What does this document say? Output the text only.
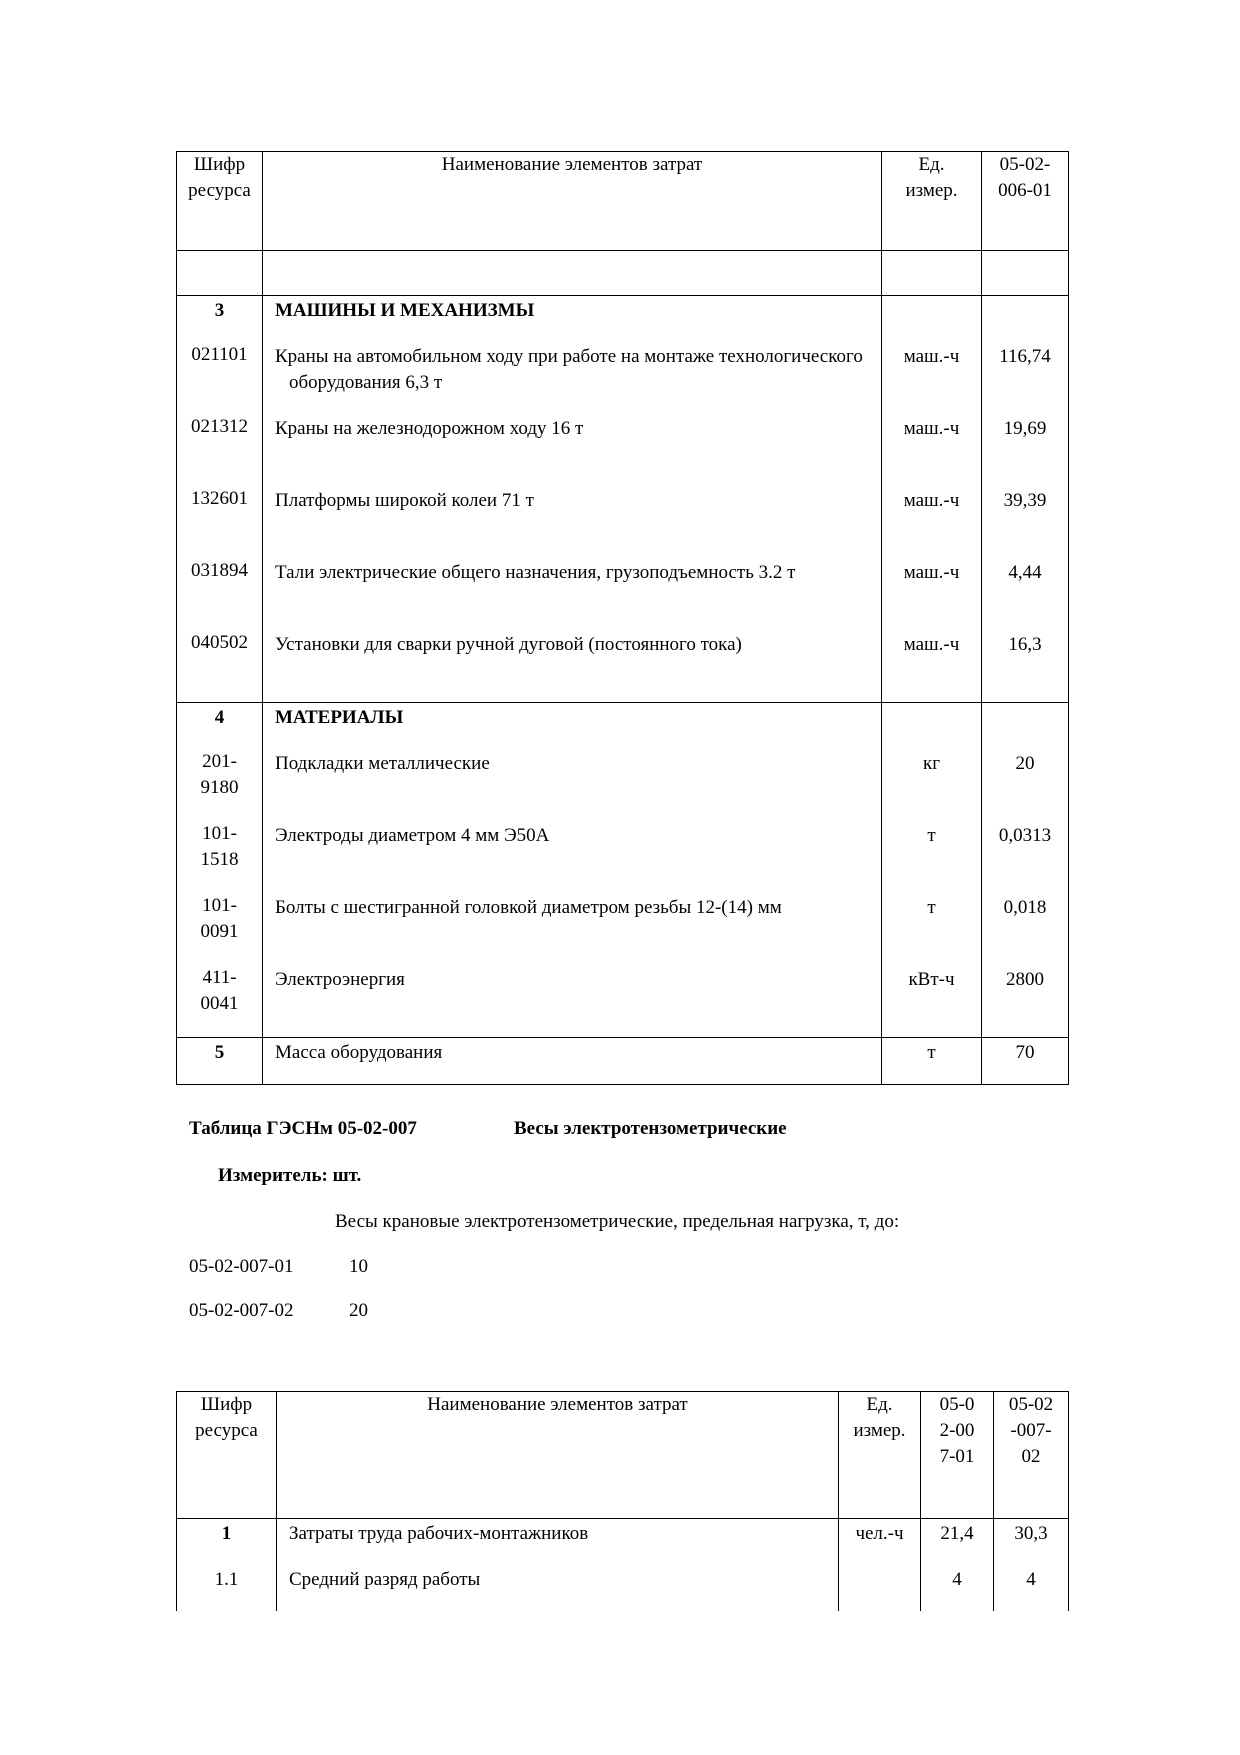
Шифр ресурса	Наименование элементов затрат	Ед. измер.	05-02-006-01

3	МАШИНЫ И МЕХАНИЗМЫ		
021101	Краны на автомобильном ходу при работе на монтаже технологического оборудования 6,3 т	маш.-ч	116,74
021312	Краны на железнодорожном ходу 16 т	маш.-ч	19,69
132601	Платформы широкой колеи 71 т	маш.-ч	39,39
031894	Тали электрические общего назначения, грузоподъемность 3.2 т	маш.-ч	4,44
040502	Установки для сварки ручной дуговой (постоянного тока)	маш.-ч	16,3
4	МАТЕРИАЛЫ		
201-9180	Подкладки металлические	кг	20
101-1518	Электроды диаметром 4 мм Э50А	т	0,0313
101-0091	Болты с шестигранной головкой диаметром резьбы 12-(14) мм	т	0,018
411-0041	Электроэнергия	кВт-ч	2800
5	Масса оборудования	т	70
Таблица ГЭСНм 05-02-007	Весы электротензометрические
Измеритель: шт.
Весы крановые электротензометрические, предельная нагрузка, т, до:
05-02-007-01	10
05-02-007-02	20
Шифр ресурса	Наименование элементов затрат	Ед. измер.	05-02-007-01	05-02-007-02
1	Затраты труда рабочих-монтажников	чел.-ч	21,4	30,3
1.1	Средний разряд работы		4	4
